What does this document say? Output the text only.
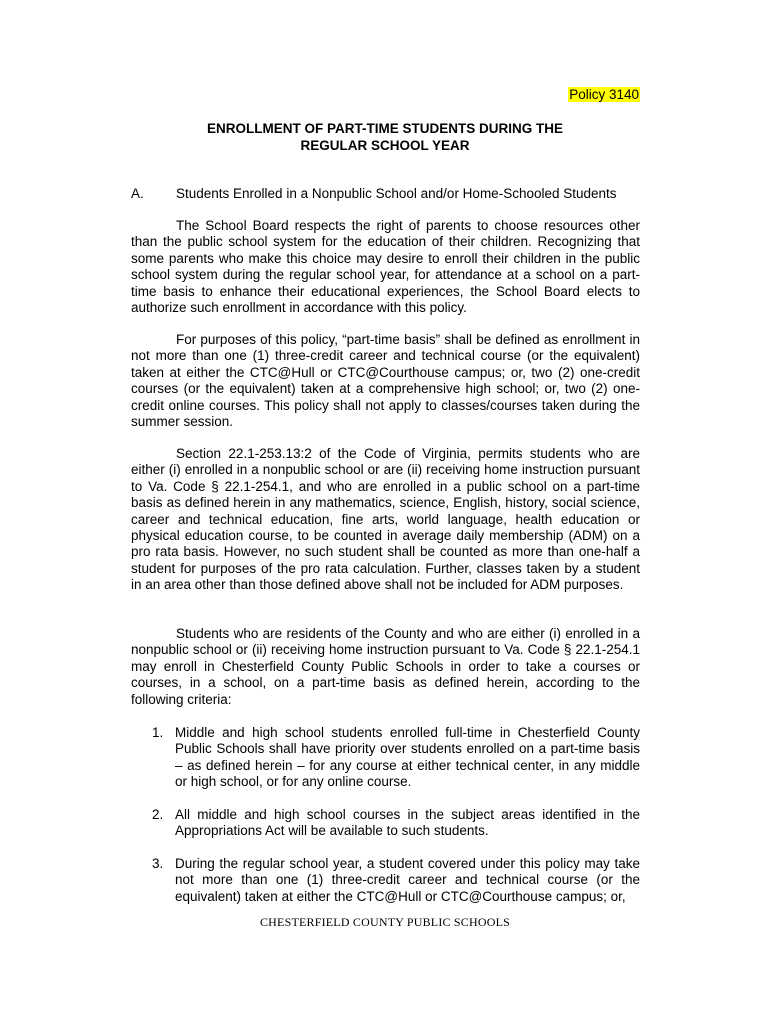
Policy 3140
ENROLLMENT OF PART-TIME STUDENTS DURING THE
REGULAR SCHOOL YEAR
A. Students Enrolled in a Nonpublic School and/or Home-Schooled Students

The School Board respects the right of parents to choose resources other than the public school system for the education of their children. Recognizing that some parents who make this choice may desire to enroll their children in the public school system during the regular school year, for attendance at a school on a part-time basis to enhance their educational experiences, the School Board elects to authorize such enrollment in accordance with this policy.

For purposes of this policy, “part-time basis” shall be defined as enrollment in not more than one (1) three-credit career and technical course (or the equivalent) taken at either the CTC@Hull or CTC@Courthouse campus; or, two (2) one-credit courses (or the equivalent) taken at a comprehensive high school; or, two (2) one-credit online courses. This policy shall not apply to classes/courses taken during the summer session.

Section 22.1-253.13:2 of the Code of Virginia, permits students who are either (i) enrolled in a nonpublic school or are (ii) receiving home instruction pursuant to Va. Code § 22.1-254.1, and who are enrolled in a public school on a part-time basis as defined herein in any mathematics, science, English, history, social science, career and technical education, fine arts, world language, health education or physical education course, to be counted in average daily membership (ADM) on a pro rata basis. However, no such student shall be counted as more than one-half a student for purposes of the pro rata calculation. Further, classes taken by a student in an area other than those defined above shall not be included for ADM purposes.

Students who are residents of the County and who are either (i) enrolled in a nonpublic school or (ii) receiving home instruction pursuant to Va. Code § 22.1-254.1 may enroll in Chesterfield County Public Schools in order to take a courses or courses, in a school, on a part-time basis as defined herein, according to the following criteria:

1. Middle and high school students enrolled full-time in Chesterfield County Public Schools shall have priority over students enrolled on a part-time basis – as defined herein – for any course at either technical center, in any middle or high school, or for any online course.
2. All middle and high school courses in the subject areas identified in the Appropriations Act will be available to such students.
3. During the regular school year, a student covered under this policy may take not more than one (1) three-credit career and technical course (or the equivalent) taken at either the CTC@Hull or CTC@Courthouse campus; or,
CHESTERFIELD COUNTY PUBLIC SCHOOLS
